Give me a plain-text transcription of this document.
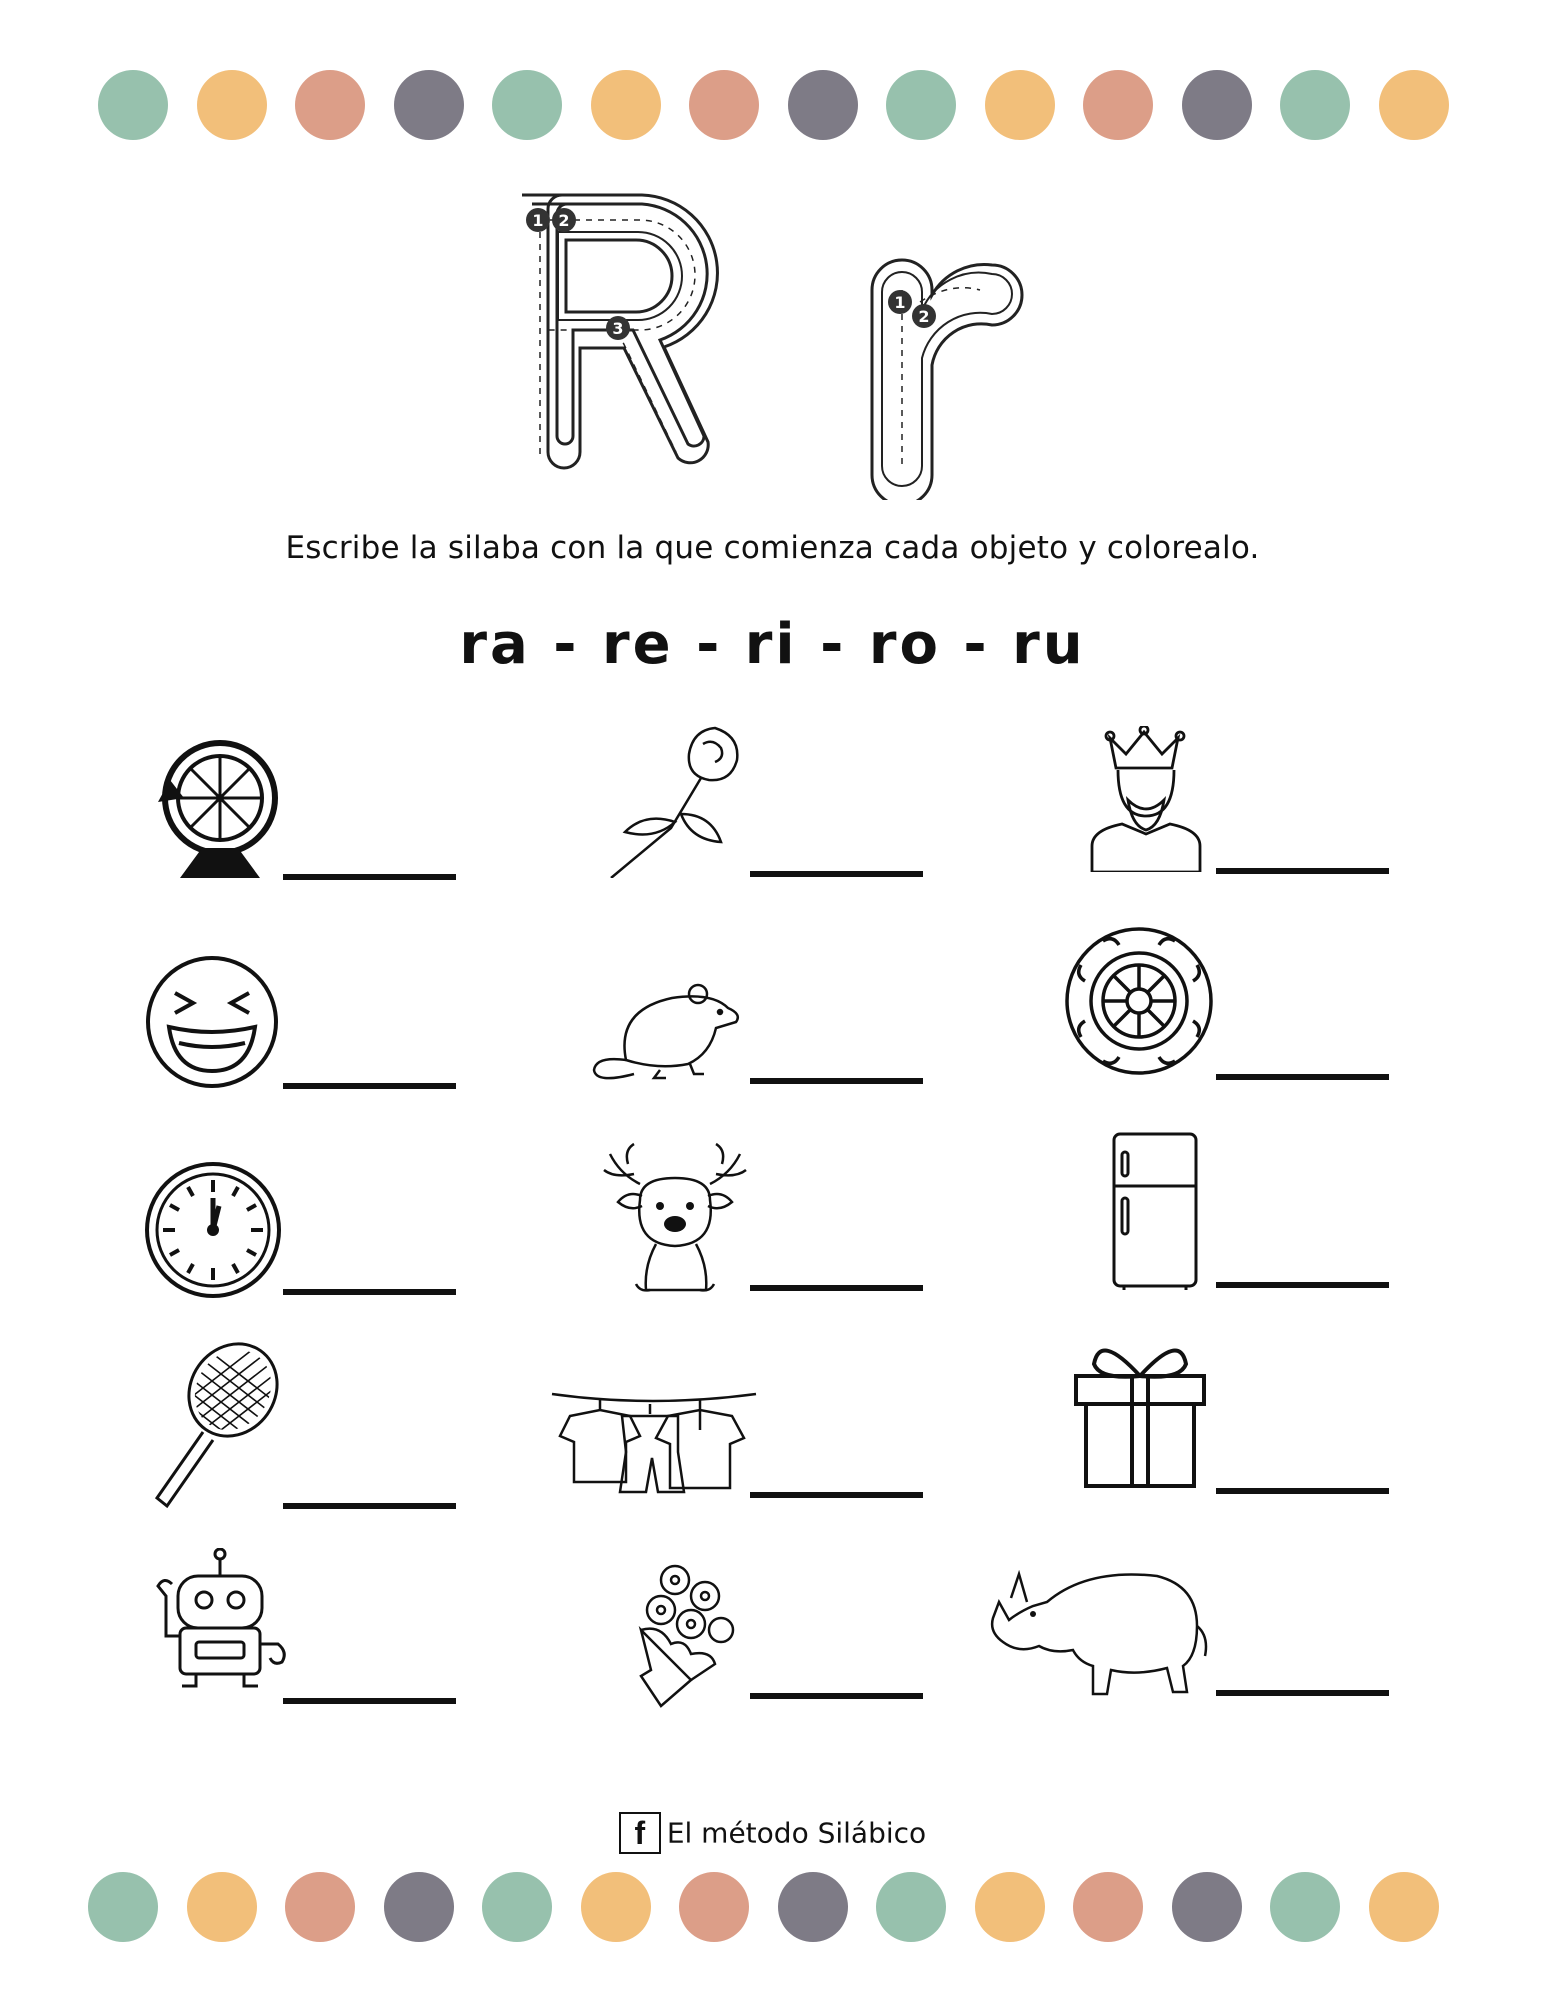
1 2
3
1
2
Escribe la silaba con la que comienza cada objeto y colorealo.
ra - re - ri - ro - ru
f El método Silábico
